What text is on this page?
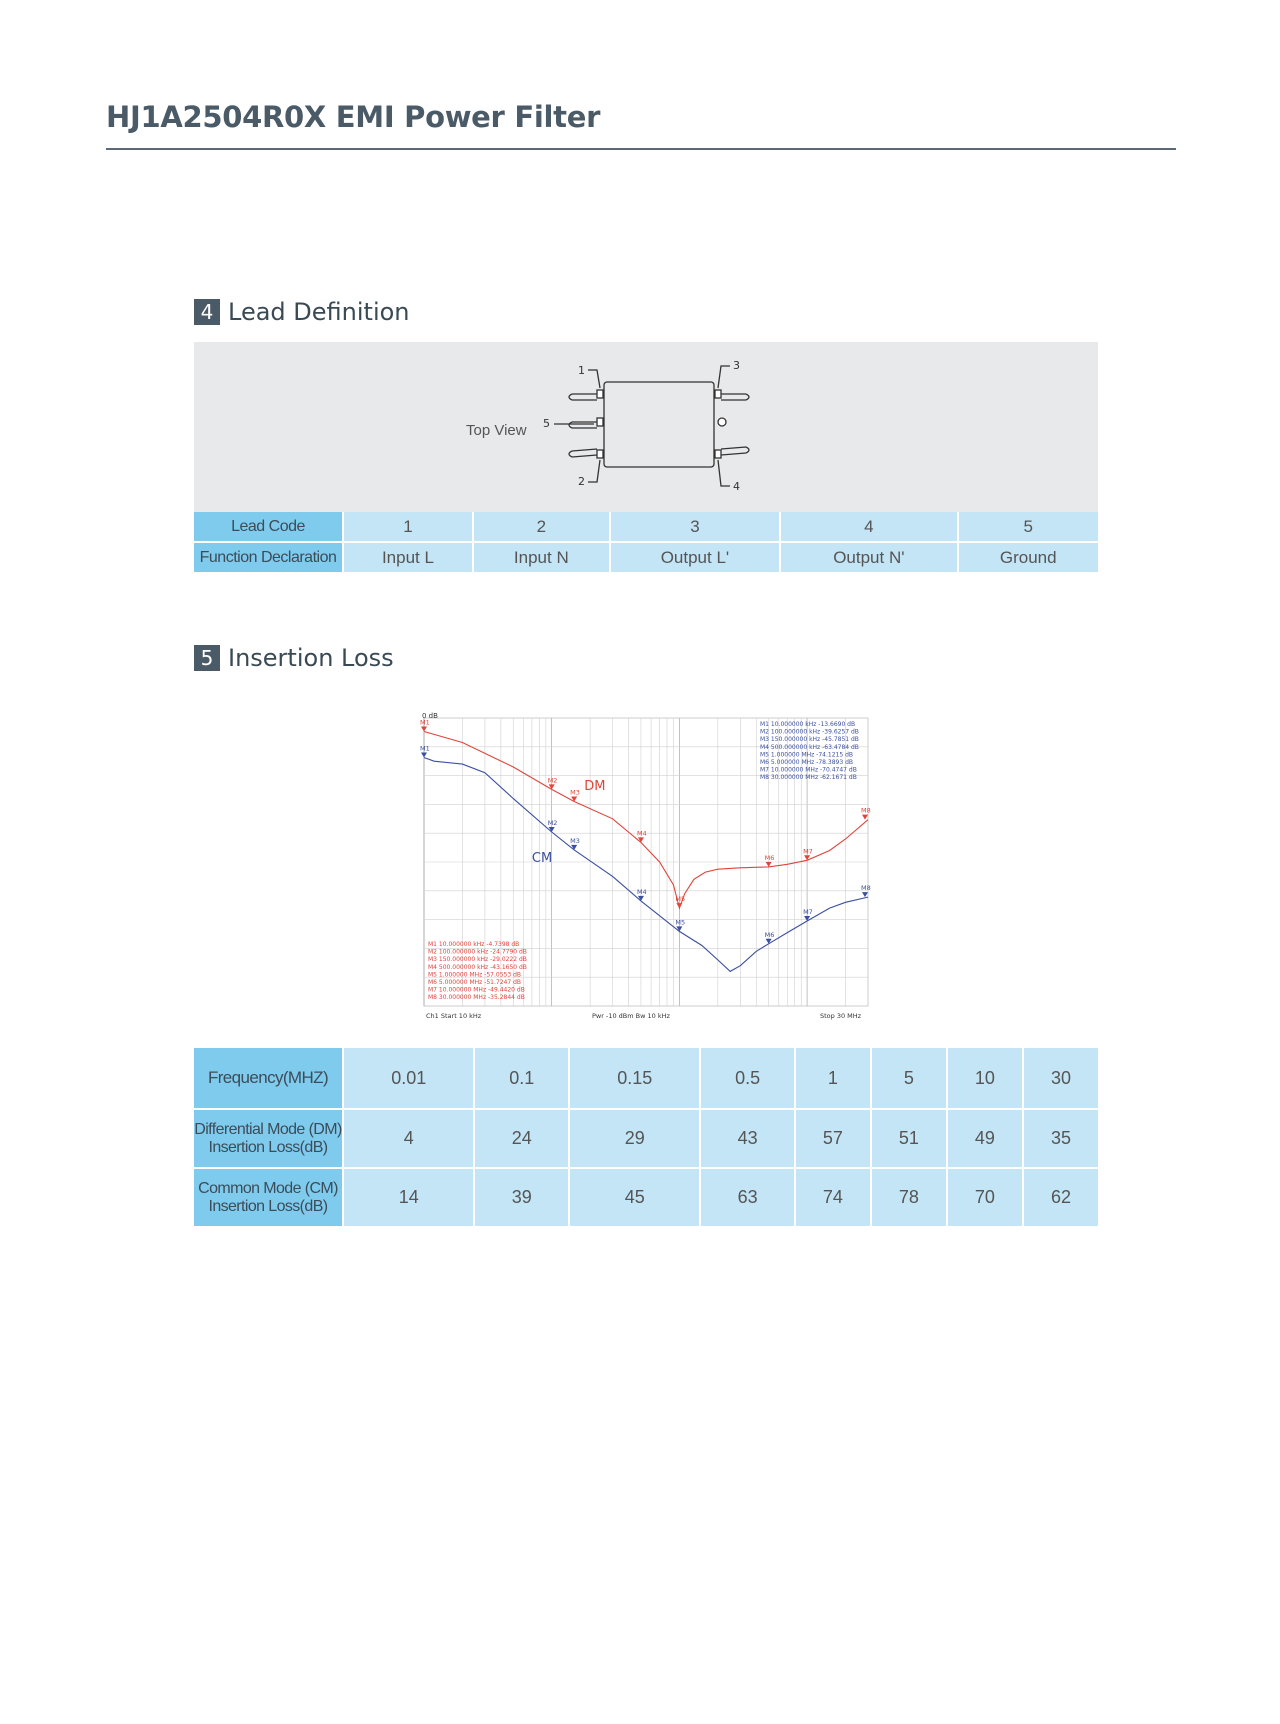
HJ1A2504R0X EMI Power Filter
4 Lead Definition
1
2
3
4
5
Top View
Lead Code	1	2	3	4	5
Function Declaration	Input L	Input N	Output L'	Output N'	Ground
5 Insertion Loss
0 dB
M1
M2
M3
M4
M5
M6
M7
M8
M1
M2
M3
M4
M5
M6
M7
M8
DM
CM
M1 10.000000 kHz -13.6690 dB
M2 100.000000 kHz -39.6257 dB
M3 150.000000 kHz -45.7851 dB
M4 500.000000 kHz -63.4784 dB
M5 1.000000 MHz -74.1215 dB
M6 5.000000 MHz -78.3893 dB
M7 10.000000 MHz -70.4747 dB
M8 30.000000 MHz -62.1671 dB
M1 10.000000 kHz -4.7398 dB
M2 100.000000 kHz -24.7790 dB
M3 150.000000 kHz -29.0222 dB
M4 500.000000 kHz -43.1650 dB
M5 1.000000 MHz -57.0553 dB
M6 5.000000 MHz -51.7247 dB
M7 10.000000 MHz -49.4420 dB
M8 30.000000 MHz -35.2844 dB
Ch1 Start 10 kHz	Pwr -10 dBm Bw 10 kHz	Stop 30 MHz
Frequency(MHZ)	0.01	0.1	0.15	0.5	1	5	10	30
Differential Mode (DM) Insertion Loss(dB)	4	24	29	43	57	51	49	35
Common Mode (CM) Insertion Loss(dB)	14	39	45	63	74	78	70	62
